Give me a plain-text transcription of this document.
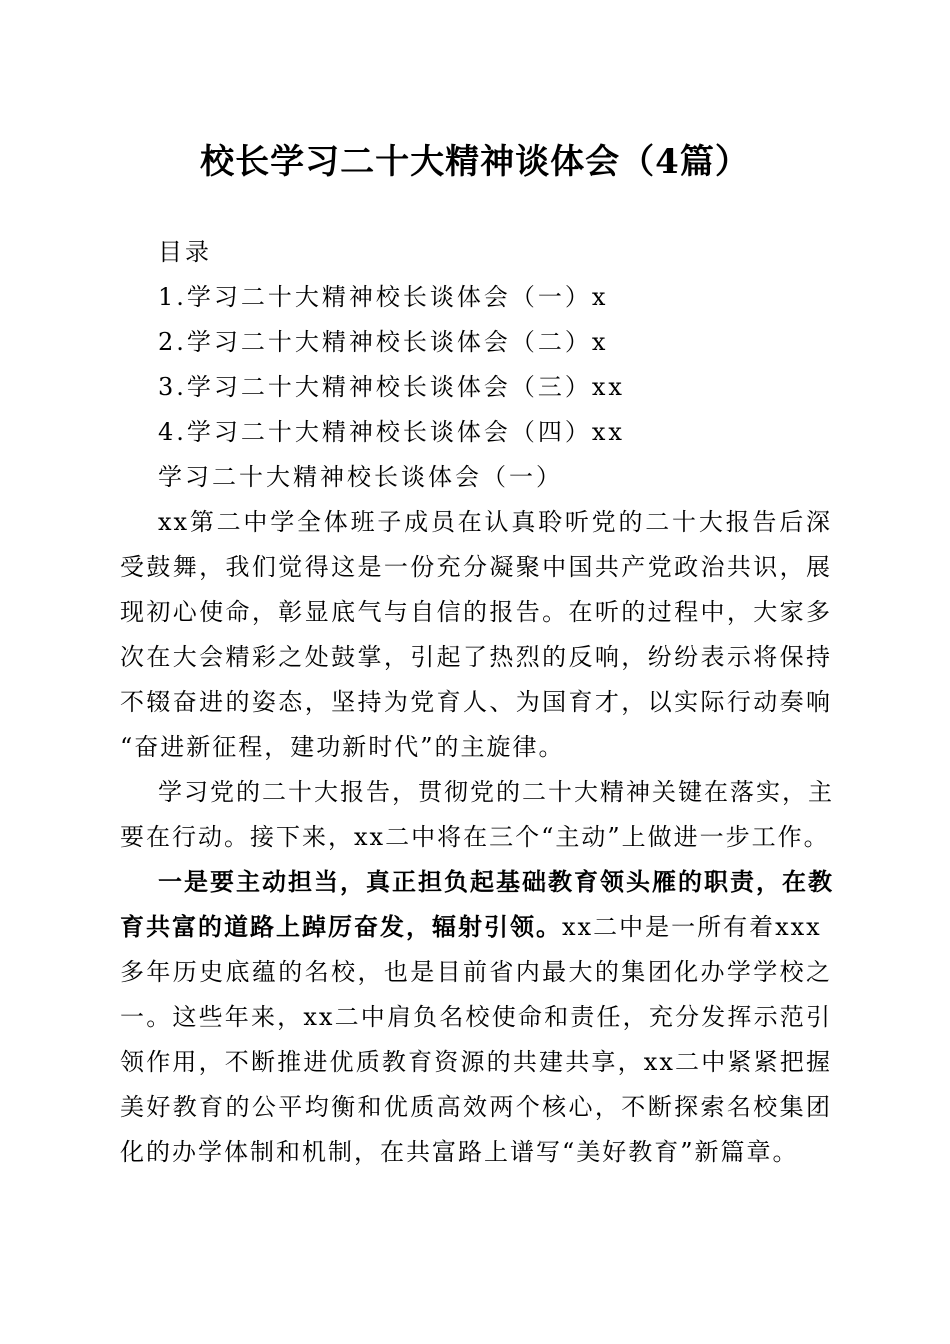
校长学习二十大精神谈体会（4篇）
目录
1.学习二十大精神校长谈体会（一）x
2.学习二十大精神校长谈体会（二）x
3.学习二十大精神校长谈体会（三）xx
4.学习二十大精神校长谈体会（四）xx
学习二十大精神校长谈体会（一）
xx第二中学全体班子成员在认真聆听党的二十大报告后深
受鼓舞，我们觉得这是一份充分凝聚中国共产党政治共识，展
现初心使命，彰显底气与自信的报告。在听的过程中，大家多
次在大会精彩之处鼓掌，引起了热烈的反响，纷纷表示将保持
不辍奋进的姿态，坚持为党育人、为国育才，以实际行动奏响
“奋进新征程，建功新时代”的主旋律。
学习党的二十大报告，贯彻党的二十大精神关键在落实，主
要在行动。接下来，xx二中将在三个“主动”上做进一步工作。
一是要主动担当，真正担负起基础教育领头雁的职责，在教
育共富的道路上踔厉奋发，辐射引领。xx二中是一所有着xxx
多年历史底蕴的名校，也是目前省内最大的集团化办学学校之
一。这些年来，xx二中肩负名校使命和责任，充分发挥示范引
领作用，不断推进优质教育资源的共建共享，xx二中紧紧把握
美好教育的公平均衡和优质高效两个核心，不断探索名校集团
化的办学体制和机制，在共富路上谱写“美好教育”新篇章。
